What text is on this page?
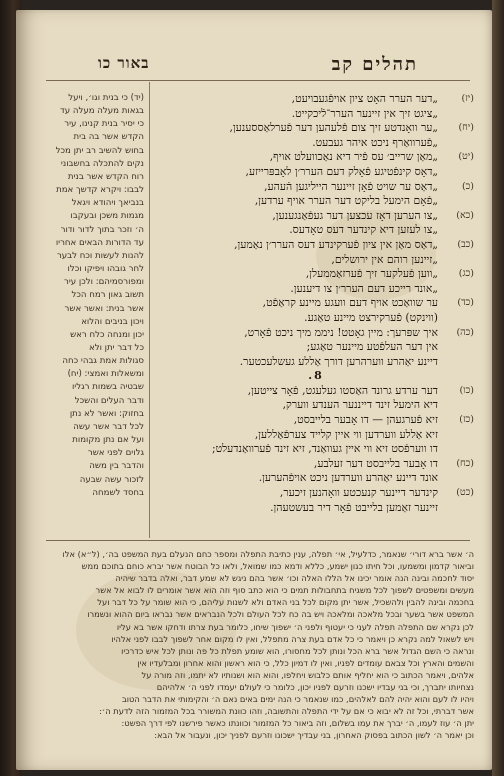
תהלים קב
באור כו
(יז)
„דער הערר האָט ציון אויפֿגעבויעט,
„ציגט זיך אין זיינער הערר־לֿיכקייט.
(יח)
„ער וואָנדטע זיך צום פֿלעהען דער פֿערלאַססענען,
„פֿערוואַרף ניכט איהר געבעט.
(יט)
„מאַן שרייב׳ עס פֿיר דיא נאַכוועלט אויף,
„דאָס קינפֿטיגע פֿאָלק דעם הערר׳ן לאָבפּרייזע,
(כ)
„דאַס ער שויט פֿאָן זיינער הייליגען הֿעהע,
„פֿאָם הימעל בליקט דער הערר אויף ערדען,
(כא)
„צו הערען דאָז עכצען דער געפֿאַנגענען,
„צו לעזען דיא קינדער דעס טאָדעס.
(כב)
„דאַס מאַן אין ציון פֿערקינדע דעס הערר׳ן נאַמען,
„זיינען רוהם אין ירושלים,
(כג)
„ווען פֿעלקער זיך פֿערזאַממעלן,
„אונד רייכע דעם הערר׳ן צו דיענען.
(כד)
ער שוואַכט אויף דעם וועגע מיינע קראַפֿט,
(ווינקט) פֿערקירצט מיינע טאַגע.
(כה)
איך שפּרעך: מיין גאָטט! ניממ מיך ניכט פֿאָרט,
אין דער העלפֿטע מיינער טאַגע;
דיינע יאַהרע ווערהרען דורך אַללע געשלעכטער.
8.
(כו)
דער ערדע גרונד האַסטו געלעגט, פֿאָר צייטען,
דיא הימעל זינד דייננער הענדע ווערק,
(כז)
זיא פֿערגעהן — דו אָבער בלייבסט,
זיא אַללע ווערדען ווי איין קלייד צערפֿאַללען,
דו ווערפֿסט זיא ווי איין געוואַנד, זיא זינד פֿערוואַנדעלט;
(כח)
דו אָבער בלייבסט דער זעלבע,
אונד דיינע יאַהרע ווערדען ניכט אויפֿהערען.
(כט)
קינדער דיינער קנעכטע וואָהנען זיכער,
זיינער זאַמען בלייבט פֿאָר דיר בעשטעהן.
(יד) כי בנית וגו׳, ויעל
בגאות מעלה מעלה עד
כי יסיר בנית קנינו, עיר
הקדש אשר בה בית
בחוש להשיב רב יתן מכל
נקים להתכלה בחשבוני
רוח הקדש אשר בנית
לבבו: ויקרא קדשך אמת
בנביאך ויהודא ויגאל
מגמות משכן ובעקבו
ה׳ וזכר בתוך לדור ודור
עד הדורות הבאים אחריו
להנות לעשות וכח לבער
לחר גובהו ויפיקו וכלו
ומפורסמיהם: ולכן עיר
תשוב גאון רמח הכל
אשר בנית: ואשר אשר
ויכון בניבים והלוא
יכון ומנחה כלח ראש
כל דבר יתן ולא
סגולות אמת גבהי כחה
ומשאלות ואמצי: (יח)
שבטיה בשמות רגליו
ודבר העלים והשכל
בחזוק: ואשר לא נתן
לכל דבר אשר עשה
ועל אם נתן מקומות
גלוים לפני אשר
והדבר בין משה
לזכור עשה שבעה
בחסד לשמחה
ה׳ אשר ברא דורי׳ שנאמר, כדלעיל, אי׳ תפלה, ענין כתיבת התפלה ומספר כחם הנעלם בעת המשפט בה׳, (ל״א) אלו
וביאור קדמון ומשמעו, וכל חיתו כגון ישמע, כללא ודמא כמו שמואל, ולאו כל הבוטח אשר יברא כוחם בתוכם ממש
יסוד לחכמה ובינה הנה אומר יכינו אל הללו האלה וכו׳ אשר בהם ניגש לא שמע דבר, ואלה בדבר שיהיה
מעשים ומשפטים לשפוך לכל משגיח בתחבולות תמים כי הוא כתב סוף וזה הוא אשר אומרים לו לבוא אל אשר
בחכמה ובינה להבין ולהשכיל, אשר יתן מקום לכל בני האדם ולא לשנות עליהם, כי הוא שומר על כל דבר ועל
המשפט אשר בשער ובכל מלאכה ומלאכה ויש בה כח לכל העולם ולכל הנבראים אשר נבראו ביום ההוא ונשמרו
לכן נקרא שם התפלה תפלה לעני כי יעטוף ולפני ה׳ ישפוך שיחו, כלומר בעת צרתו ודחקו אשר בא עליו
ויש לשאול למה נקרא כן ויאמר כי כל אדם בעת צרה מתפלל, ואין לו מקום אחר לשפוך לבבו לפני אלהיו
ונראה כי השם הגדול אשר ברא הכל ונותן לכל מחסורו, הוא שומע תפלת כל פה ונותן לכל איש כדרכיו
והשמים והארץ וכל צבאם עומדים לפניו, ואין לו דמיון כלל, כי הוא ראשון והוא אחרון ומבלעדיו אין
אלהים, ויאמר הכתוב כי הוא יחליף אותם כלבוש ויחלפו, והוא הוא ושנותיו לא יתמו, וזה מורה על
נצחיותו יתברך, וכי בני עבדיו ישכנו וזרעם לפניו יכון, כלומר כי לעולם יעמדו לפני ה׳ אלהיהם
ויהיו לו לעם והוא יהיה להם לאלהים, כמו שנאמר כי הנה ימים באים נאם ה׳ והקימותי את הדבר הטוב
אשר דברתי, וכל זה לא יבוא כי אם על ידי התפלה והתשובה, וזהו כוונת המשורר בכל המזמור הזה לדעת ה׳:
יתן ה׳ עוז לעמו, ה׳ יברך את עמו בשלום, וזה ביאור כל המזמור וכוונתו כאשר פירשנו לפי דרך הפשט:
וכן יאמר ה׳ לשון הכתוב בפסוק האחרון, בני עבדיך ישכונו וזרעם לפניך יכון, ונעבור אל הבא:
